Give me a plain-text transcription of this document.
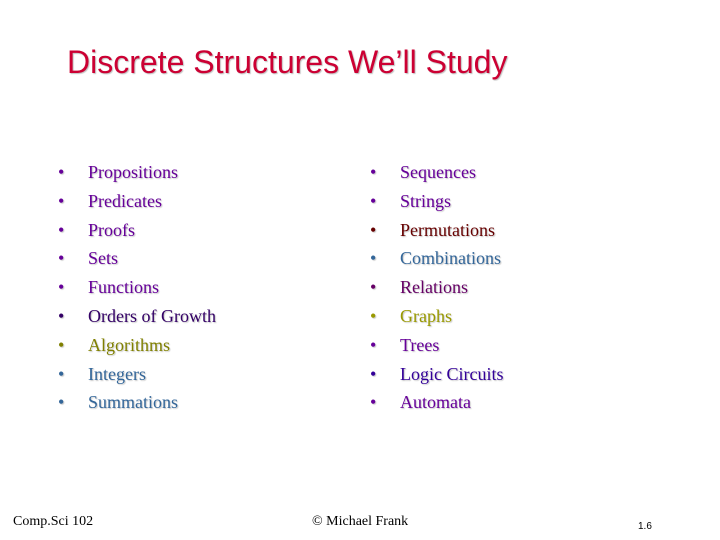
Discrete Structures We’ll Study
• Propositions
• Predicates
• Proofs
• Sets
• Functions
• Orders of Growth
• Algorithms
• Integers
• Summations
• Sequences
• Strings
• Permutations
• Combinations
• Relations
• Graphs
• Trees
• Logic Circuits
• Automata
Comp.Sci 102	© Michael Frank	1.6
